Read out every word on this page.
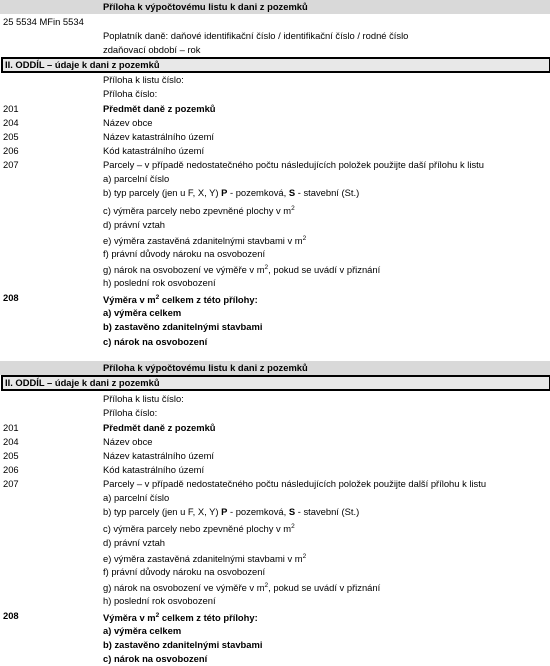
Příloha k výpočtovému listu k dani z pozemků
25 5534 MFin 5534
Poplatník daně: daňové identifikační číslo / identifikační číslo / rodné číslo
zdaňovací období – rok
II. ODDÍL – údaje k dani z pozemků
Příloha k listu číslo:
Příloha číslo:
201	Předmět daně z pozemků
204	Název obce
205	Název katastrálního území
206	Kód katastrálního území
207	Parcely – v případě nedostatečného počtu následujících položek použijte daší přílohu k listu
a) parcelní číslo
b) typ parcely (jen u F, X, Y) P - pozemková, S - stavební (St.)
c) výměra parcely nebo zpevněné plochy v $m^2$
d) právní vztah
e) výměra zastavěná zdanitelnými stavbami v $m^2$
f) právní důvody nároku na osvobození
g) nárok na osvobození ve výměře v $m^2$, pokud se uvádí v přiznání
h) poslední rok osvobození
208	Výměra v $m^2$ celkem z této přílohy:
a) výměra celkem
b) zastavěno zdanitelnými stavbami
c) nárok na osvobození
Příloha k výpočtovému listu k dani z pozemků
II. ODDÍL – údaje k dani z pozemků
Příloha k listu číslo:
Příloha číslo:
201	Předmět daně z pozemků
204	Název obce
205	Název katastrálního území
206	Kód katastrálního území
207	Parcely – v případě nedostatečného počtu následujících položek použijte další přílohu k listu
a) parcelní číslo
b) typ parcely (jen u F, X, Y) P - pozemková, S - stavební (St.)
c) výměra parcely nebo zpevněné plochy v $m^2$
d) právní vztah
e) výměra zastavěná zdanitelnými stavbami v $m^2$
f) právní důvody nároku na osvobození
g) nárok na osvobození ve výměře v $m^2$, pokud se uvádí v přiznání
h) poslední rok osvobození
208	Výměra v $m^2$ celkem z této přílohy:
a) výměra celkem
b) zastavěno zdanitelnými stavbami
c) nárok na osvobození
